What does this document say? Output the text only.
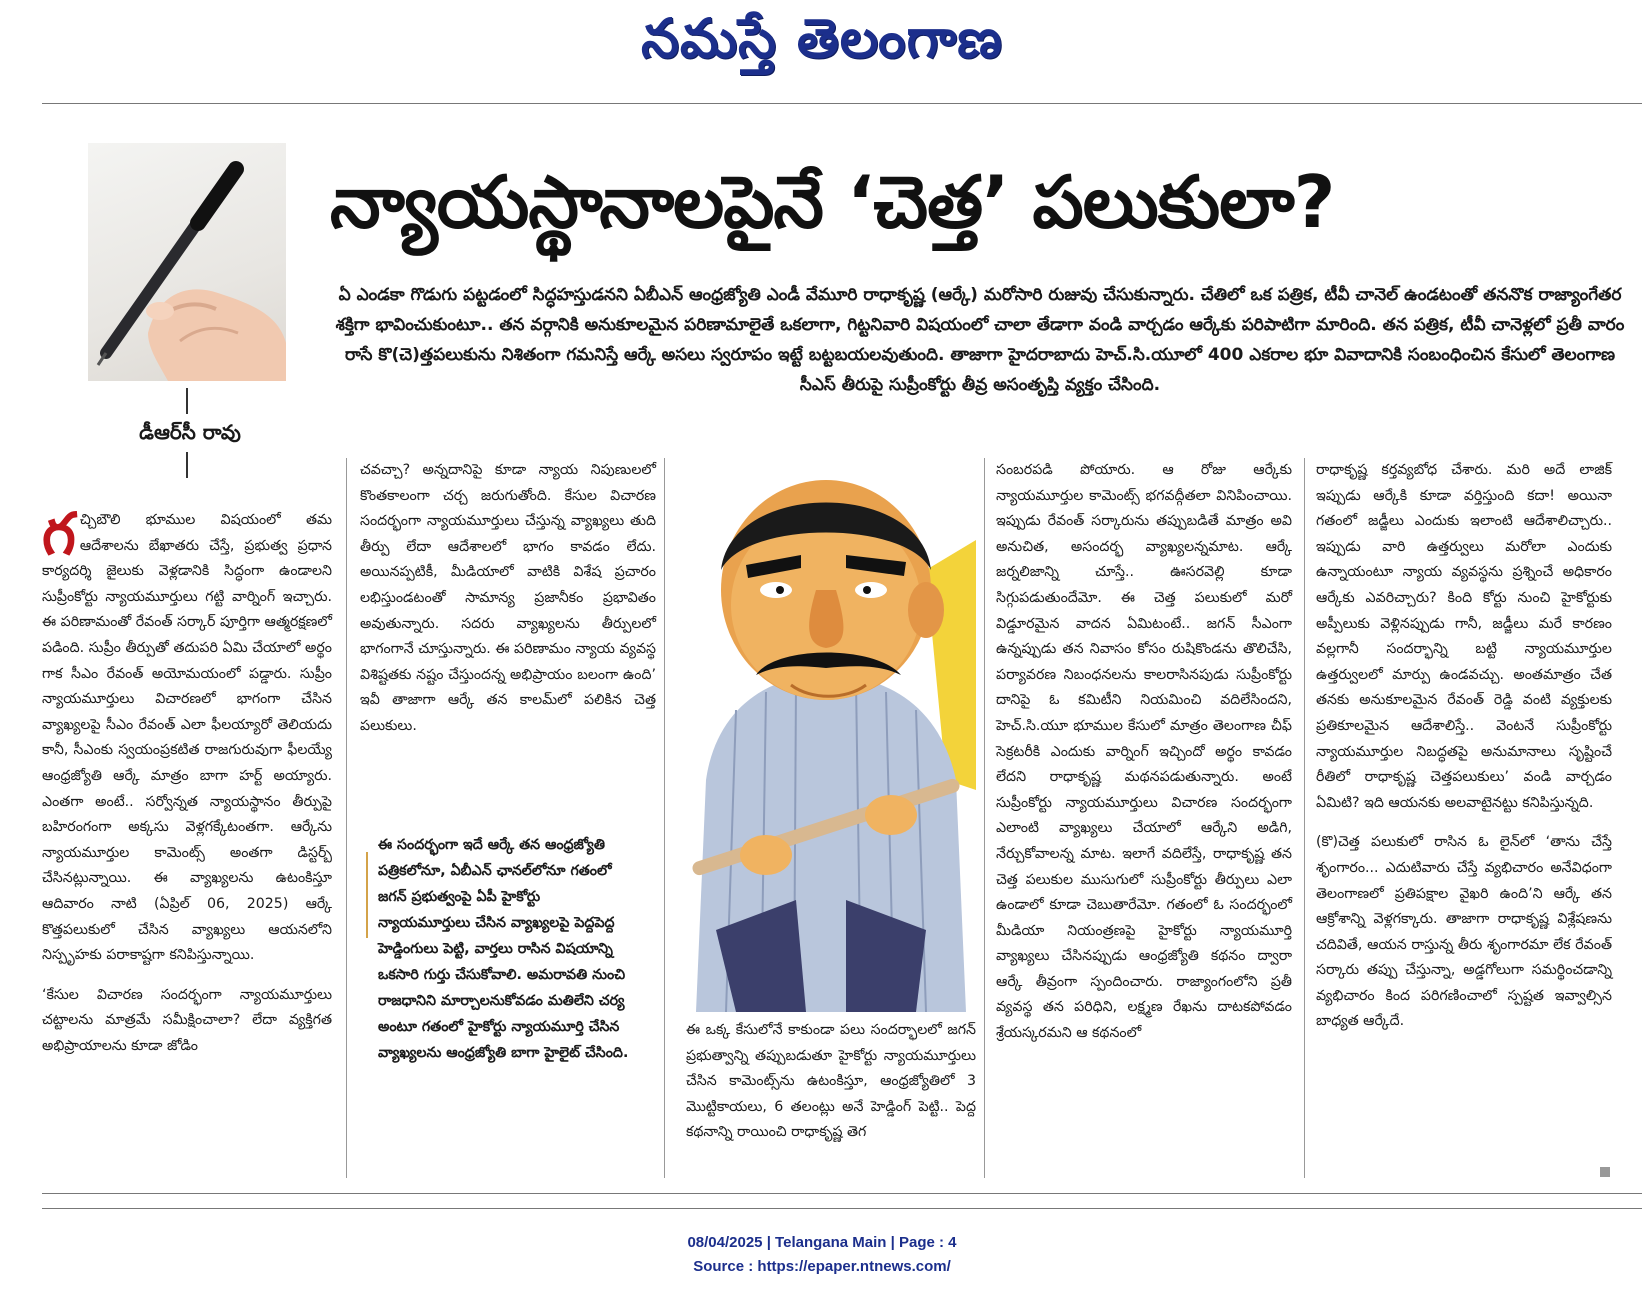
నమస్తే తెలంగాణ
న్యాయస్థానాలపైనే ‘చెత్త’ పలుకులా?
ఏ ఎండకా గొడుగు పట్టడంలో సిద్ధహస్తుడనని ఏబీఎన్ ఆంధ్రజ్యోతి ఎండీ వేమూరి రాధాకృష్ణ (ఆర్కే) మరోసారి రుజువు చేసుకున్నారు. చేతిలో ఒక పత్రిక, టీవీ చానెల్ ఉండటంతో తననొక రాజ్యాంగేతర శక్తిగా భావించుకుంటూ.. తన వర్గానికి అనుకూలమైన పరిణామాలైతే ఒకలాగా, గిట్టనివారి విషయంలో చాలా తేడాగా వండి వార్చడం ఆర్కేకు పరిపాటిగా మారింది. తన పత్రిక, టీవీ చానెళ్లలో ప్రతీ వారం రాసే కొ(చె)త్తపలుకును నిశితంగా గమనిస్తే ఆర్కే అసలు స్వరూపం ఇట్టే బట్టబయలవుతుంది. తాజాగా హైదరాబాదు హెచ్.సి.యూలో 400 ఎకరాల భూ వివాదానికి సంబంధించిన కేసులో తెలంగాణ సీఎస్ తీరుపై సుప్రీంకోర్టు తీవ్ర అసంతృప్తి వ్యక్తం చేసింది.
డీఆర్‌సీ రావు

గచ్చిబౌలి భూముల విషయంలో తమ ఆదేశాలను బేఖాతరు చేస్తే, ప్రభుత్వ ప్రధాన కార్యదర్శి జైలుకు వెళ్లడానికి సిద్ధంగా ఉండాలని సుప్రీంకోర్టు న్యాయమూర్తులు గట్టి వార్నింగ్ ఇచ్చారు. ఈ పరిణామంతో రేవంత్ సర్కార్ పూర్తిగా ఆత్మరక్షణలో పడింది. సుప్రీం తీర్పుతో తదుపరి ఏమి చేయాలో అర్థం గాక సీఎం రేవంత్ అయోమయంలో పడ్డారు. సుప్రీం న్యాయమూర్తులు విచారణలో భాగంగా చేసిన వ్యాఖ్యలపై సీఎం రేవంత్ ఎలా ఫీలయ్యారో తెలియదు కానీ, సీఎంకు స్వయంప్రకటిత రాజగురువుగా ఫీలయ్యే ఆంధ్రజ్యోతి ఆర్కే మాత్రం బాగా హర్ట్ అయ్యారు. ఎంతగా అంటే.. సర్వోన్నత న్యాయస్థానం తీర్పుపై బహిరంగంగా అక్కసు వెళ్లగక్కేటంతగా. ఆర్కేను న్యాయమూర్తుల కామెంట్స్ అంతగా డిస్టర్బ్ చేసినట్లున్నాయి. ఈ వ్యాఖ్యలను ఉటంకిస్తూ ఆదివారం నాటి (ఏప్రిల్ 06, 2025) ఆర్కే కొత్తపలుకులో చేసిన వ్యాఖ్యలు ఆయనలోని నిస్పృహకు పరాకాష్టగా కనిపిస్తున్నాయి.

‘కేసుల విచారణ సందర్భంగా న్యాయమూర్తులు చట్టాలను మాత్రమే సమీక్షించాలా? లేదా వ్యక్తిగత అభిప్రాయాలను కూడా జోడిం

చవచ్చా? అన్నదానిపై కూడా న్యాయ నిపుణులలో కొంతకాలంగా చర్చ జరుగుతోంది. కేసుల విచారణ సందర్భంగా న్యాయమూర్తులు చేస్తున్న వ్యాఖ్యలు తుది తీర్పు లేదా ఆదేశాలలో భాగం కావడం లేదు. అయినప్పటికీ, మీడియాలో వాటికి విశేష ప్రచారం లభిస్తుండటంతో సామాన్య ప్రజానీకం ప్రభావితం అవుతున్నారు. సదరు వ్యాఖ్యలను తీర్పులలో భాగంగానే చూస్తున్నారు. ఈ పరిణామం న్యాయ వ్యవస్థ విశిష్టతకు నష్టం చేస్తుందన్న అభిప్రాయం బలంగా ఉంది’ ఇవీ తాజాగా ఆర్కే తన కాలమ్‌లో పలికిన చెత్త పలుకులు.

ఈ సందర్భంగా ఇదే ఆర్కే తన ఆంధ్రజ్యోతి పత్రికలోనూ, ఏబీఎన్ ఛానల్‌లోనూ గతంలో జగన్ ప్రభుత్వంపై ఏపీ హైకోర్టు న్యాయమూర్తులు చేసిన వ్యాఖ్యలపై పెద్దపెద్ద హెడ్డింగులు పెట్టి, వార్తలు రాసిన విషయాన్ని ఒకసారి గుర్తు చేసుకోవాలి. అమరావతి నుంచి రాజధానిని మార్చాలనుకోవడం మతిలేని చర్య అంటూ గతంలో హైకోర్టు న్యాయమూర్తి చేసిన వ్యాఖ్యలను ఆంధ్రజ్యోతి బాగా హైలైట్ చేసింది.
ఈ ఒక్క కేసులోనే కాకుండా పలు సందర్భాలలో జగన్ ప్రభుత్వాన్ని తప్పుబడుతూ హైకోర్టు న్యాయమూర్తులు చేసిన కామెంట్స్‌ను ఉటంకిస్తూ, ఆంధ్రజ్యోతిలో 3 మొట్టికాయలు, 6 తలంట్లు అనే హెడ్డింగ్ పెట్టి.. పెద్ద కథనాన్ని రాయించి రాధాకృష్ణ తెగ

సంబరపడి పోయారు. ఆ రోజు ఆర్కేకు న్యాయమూర్తుల కామెంట్స్ భగవద్గీతలా వినిపించాయి. ఇప్పుడు రేవంత్ సర్కారును తప్పుబడితే మాత్రం అవి అనుచిత, అసందర్భ వ్యాఖ్యలన్నమాట. ఆర్కే జర్నలిజాన్ని చూస్తే.. ఊసరవెల్లి కూడా సిగ్గుపడుతుందేమో. ఈ చెత్త పలుకులో మరో విడ్డూరమైన వాదన ఏమిటంటే.. జగన్ సీఎంగా ఉన్నప్పుడు తన నివాసం కోసం రుషికొండను తొలిచేసి, పర్యావరణ నిబంధనలను కాలరాసినపుడు సుప్రీంకోర్టు దానిపై ఓ కమిటీని నియమించి వదిలేసిందని, హెచ్.సి.యూ భూముల కేసులో మాత్రం తెలంగాణ చీఫ్ సెక్రటరీకి ఎందుకు వార్నింగ్ ఇచ్చిందో అర్థం కావడం లేదని రాధాకృష్ణ మథనపడుతున్నారు. అంటే సుప్రీంకోర్టు న్యాయమూర్తులు విచారణ సందర్భంగా ఎలాంటి వ్యాఖ్యలు చేయాలో ఆర్కేని అడిగి, నేర్చుకోవాలన్న మాట. ఇలాగే వదిలేస్తే, రాధాకృష్ణ తన చెత్త పలుకుల ముసుగులో సుప్రీంకోర్టు తీర్పులు ఎలా ఉండాలో కూడా చెబుతారేమో. గతంలో ఓ సందర్భంలో మీడియా నియంత్రణపై హైకోర్టు న్యాయమూర్తి వ్యాఖ్యలు చేసినప్పుడు ఆంధ్రజ్యోతి కథనం ద్వారా ఆర్కే తీవ్రంగా స్పందించారు. రాజ్యాంగంలోని ప్రతీ వ్యవస్థ తన పరిధిని, లక్ష్మణ రేఖను దాటకపోవడం శ్రేయస్కరమని ఆ కథనంలో

రాధాకృష్ణ కర్తవ్యబోధ చేశారు. మరి అదే లాజిక్ ఇప్పుడు ఆర్కేకి కూడా వర్తిస్తుంది కదా! అయినా గతంలో జడ్జీలు ఎందుకు ఇలాంటి ఆదేశాలిచ్చారు.. ఇప్పుడు వారి ఉత్తర్వులు మరోలా ఎందుకు ఉన్నాయంటూ న్యాయ వ్యవస్థను ప్రశ్నించే అధికారం ఆర్కేకు ఎవరిచ్చారు? కింది కోర్టు నుంచి హైకోర్టుకు అప్పీలుకు వెళ్లినప్పుడు గానీ, జడ్జీలు మరే కారణం వల్లగానీ సందర్భాన్ని బట్టి న్యాయమూర్తుల ఉత్తర్వులలో మార్పు ఉండవచ్చు. అంతమాత్రం చేత తనకు అనుకూలమైన రేవంత్ రెడ్డి వంటి వ్యక్తులకు ప్రతికూలమైన ఆదేశాలిస్తే.. వెంటనే సుప్రీంకోర్టు న్యాయమూర్తుల నిబద్ధతపై అనుమానాలు సృష్టించే రీతిలో రాధాకృష్ణ చెత్తపలుకులు’ వండి వార్చడం ఏమిటి? ఇది ఆయనకు అలవాటైనట్టు కనిపిస్తున్నది.

(కొ)చెత్త పలుకులో రాసిన ఓ లైన్‌లో ‘తాను చేస్తే శృంగారం... ఎదుటివారు చేస్తే వ్యభిచారం అనేవిధంగా తెలంగాణలో ప్రతిపక్షాల వైఖరి ఉంది’ని ఆర్కే తన ఆక్రోశాన్ని వెళ్లగక్కారు. తాజాగా రాధాకృష్ణ విశ్లేషణను చదివితే, ఆయన రాస్తున్న తీరు శృంగారమా లేక రేవంత్ సర్కారు తప్పు చేస్తున్నా, అడ్డగోలుగా సమర్థించడాన్ని వ్యభిచారం కింద పరిగణించాలో స్పష్టత ఇవ్వాల్సిన బాధ్యత ఆర్కేదే.

08/04/2025 | Telangana Main | Page : 4
Source : https://epaper.ntnews.com/
